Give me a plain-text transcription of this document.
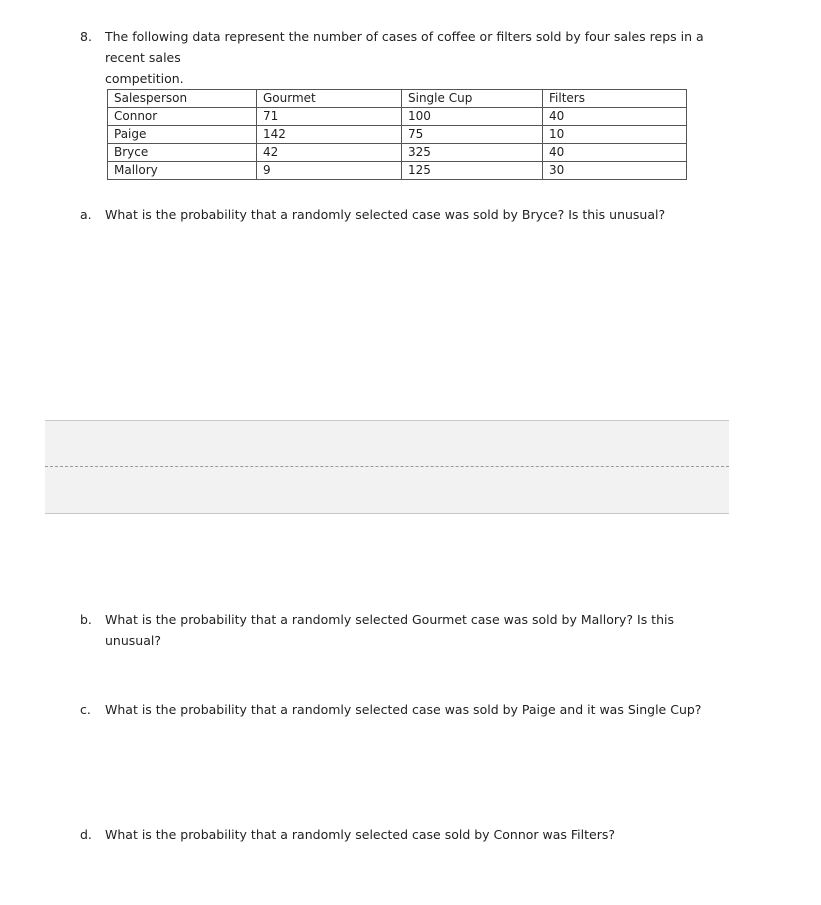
8. The following data represent the number of cases of coffee or filters sold by four sales reps in a
recent sales competition.
Salesperson	Gourmet	Single Cup	Filters
Connor	71	100	40
Paige	142	75	10
Bryce	42	325	40
Mallory	9	125	30
a. What is the probability that a randomly selected case was sold by Bryce? Is this unusual?
b. What is the probability that a randomly selected Gourmet case was sold by Mallory? Is this
unusual?
c. What is the probability that a randomly selected case was sold by Paige and it was Single Cup?
d. What is the probability that a randomly selected case sold by Connor was Filters?
